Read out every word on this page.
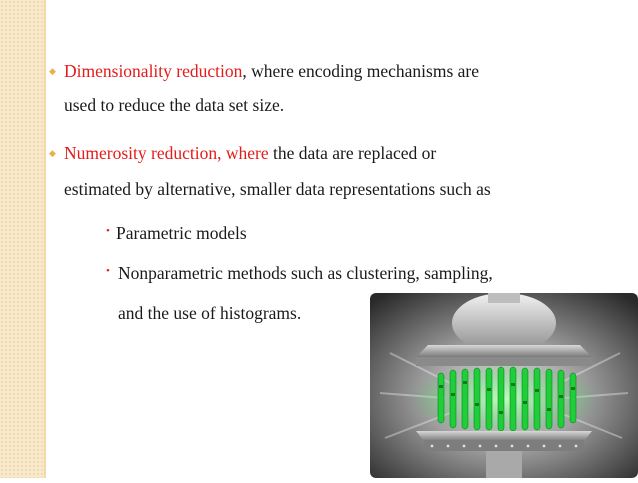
◆ Dimensionality reduction, where encoding mechanisms are
used to reduce the data set size.
◆ Numerosity reduction, where the data are replaced or
estimated by alternative, smaller data representations such as
• Parametric models
• Nonparametric methods such as clustering, sampling,
and the use of histograms.
